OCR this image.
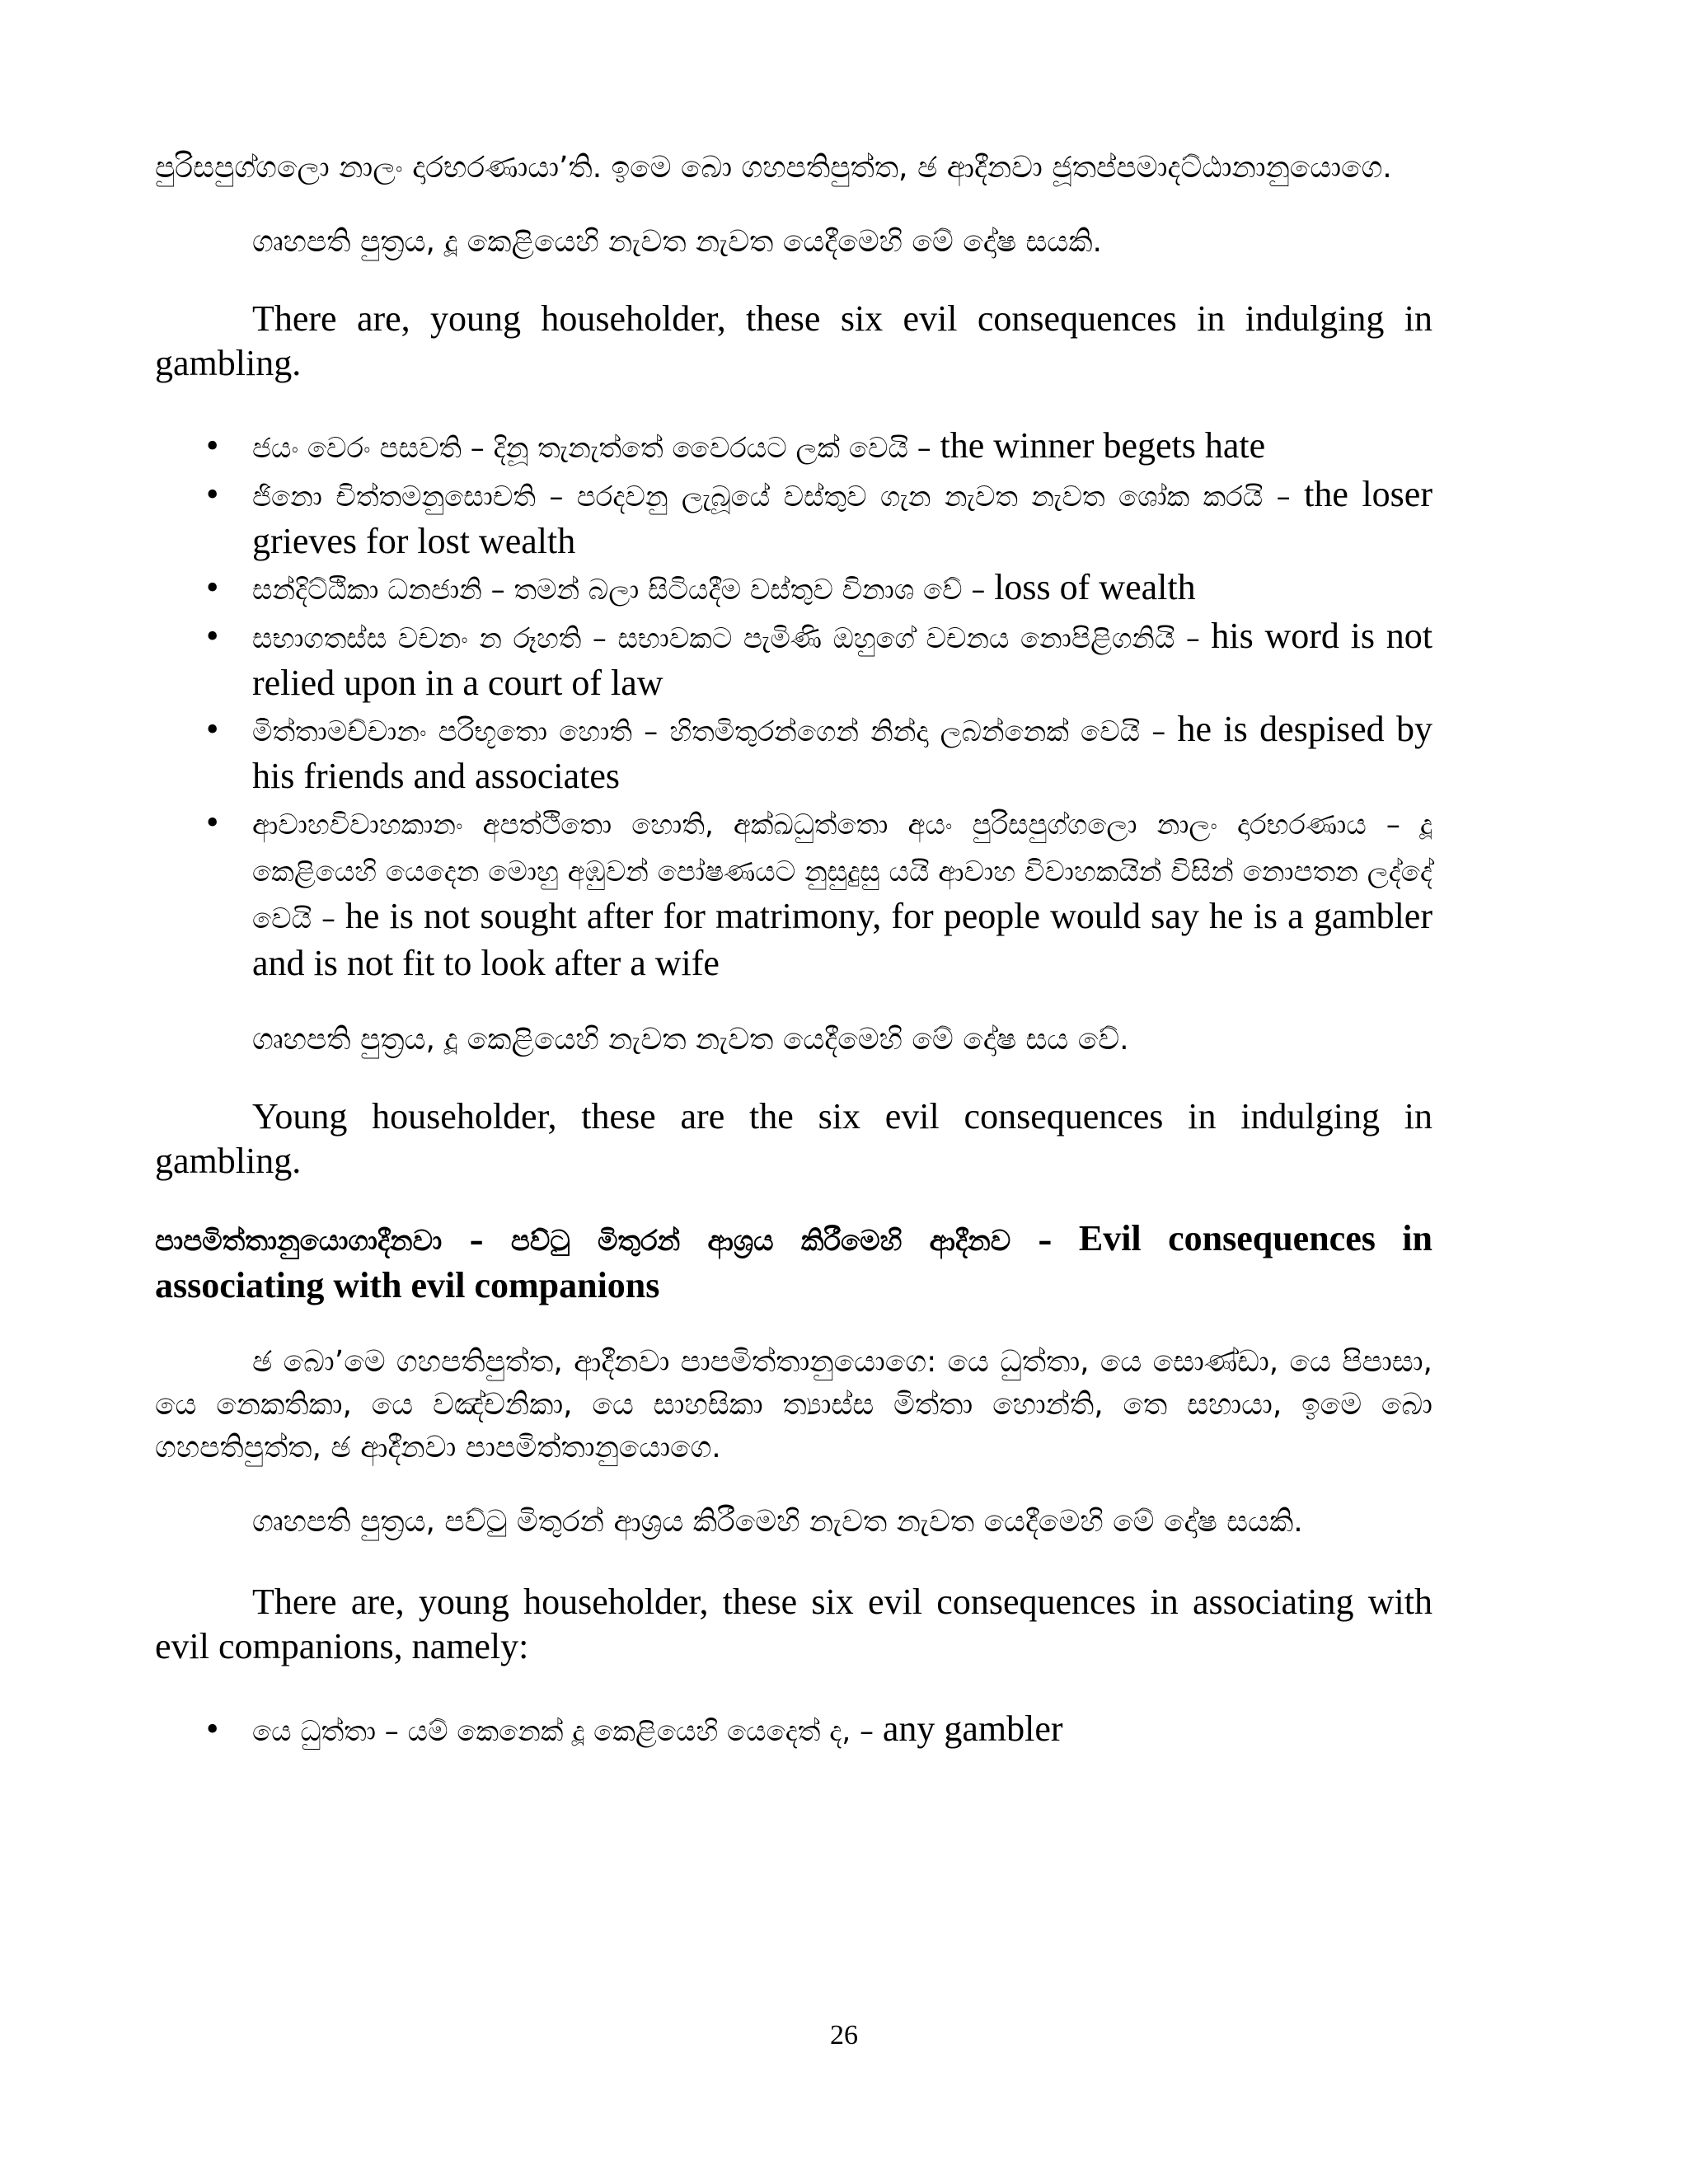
පුරිසපුග්ගලො නාලං දාරභරණායා’ති. ඉමෙ බො ගහපතිපුත්ත, ඡ ආදීනවා ජූතප්පමාදට්ඨානානුයොගෙ.

ගෘහපති පුත්‍රය, දූ කෙළියෙහි නැවත නැවත යෙදීමෙහි මේ දෝෂ සයකි.

There are, young householder, these six evil consequences in indulging in gambling.

• ජයං වෙරං පසවති – දිනූ තැනැත්තේ වෛරයට ලක් වෙයි – the winner begets hate
• ජිනො චිත්තමනුසොචති – පරදවනු ලැබූයේ වස්තුව ගැන නැවත නැවත ශෝක කරයි – the loser grieves for lost wealth
• සන්දිට්ඨිකා ධනජානි – තමන් බලා සිටියදීම වස්තුව විනාශ වේ – loss of wealth
• සභාගතස්ස වචනං න රූහති – සභාවකට පැමිණි ඔහුගේ වචනය නොපිළිගනියි – his word is not relied upon in a court of law
• මිත්තාමච්චානං පරිභූතො හොති – හිතමිතුරන්ගෙන් නින්දා ලබන්නෙක් වෙයි – he is despised by his friends and associates
• ආවාහවිවාහකානං අපත්ථිතො හොති, අක්ඛධුත්තො අයං පුරිසපුග්ගලො නාලං දාරභරණාය – දූ කෙළියෙහි යෙදෙන මොහු අඹුවන් පෝෂණයට නුසුදුසු යයි ආවාහ විවාහකයින් විසින් නොපතන ලද්දේ වෙයි – he is not sought after for matrimony, for people would say he is a gambler and is not fit to look after a wife

ගෘහපති පුත්‍රය, දූ කෙළියෙහි නැවත නැවත යෙදීමෙහි මේ දෝෂ සය වේ.

Young householder, these are the six evil consequences in indulging in gambling.

පාපමිත්තානුයොගාදීනවා – පව්ටු මිතුරන් ආශ්‍රය කිරීමෙහි ආදීනව – Evil consequences in associating with evil companions

ඡ බො’මෙ ගහපතිපුත්ත, ආදීනවා පාපමිත්තානුයොගෙ: යෙ ධුත්තා, යෙ සොණ්ඩා, යෙ පිපාසා, යෙ නෙකතිකා, යෙ වඤ්චනිකා, යෙ සාහසිකා ත්‍යාස්ස මිත්තා හොන්ති, තෙ සහායා, ඉමෙ බො ගහපතිපුත්ත, ඡ ආදීනවා පාපමිත්තානුයොගෙ.

ගෘහපති පුත්‍රය, පව්ටු මිතුරන් ආශ්‍රය කිරීමෙහි නැවත නැවත යෙදීමෙහි මේ දෝෂ සයකි.

There are, young householder, these six evil consequences in associating with evil companions, namely:

• යෙ ධුත්තා – යම් කෙනෙක් දූ කෙළියෙහි යෙදෙත් ද, – any gambler
26
